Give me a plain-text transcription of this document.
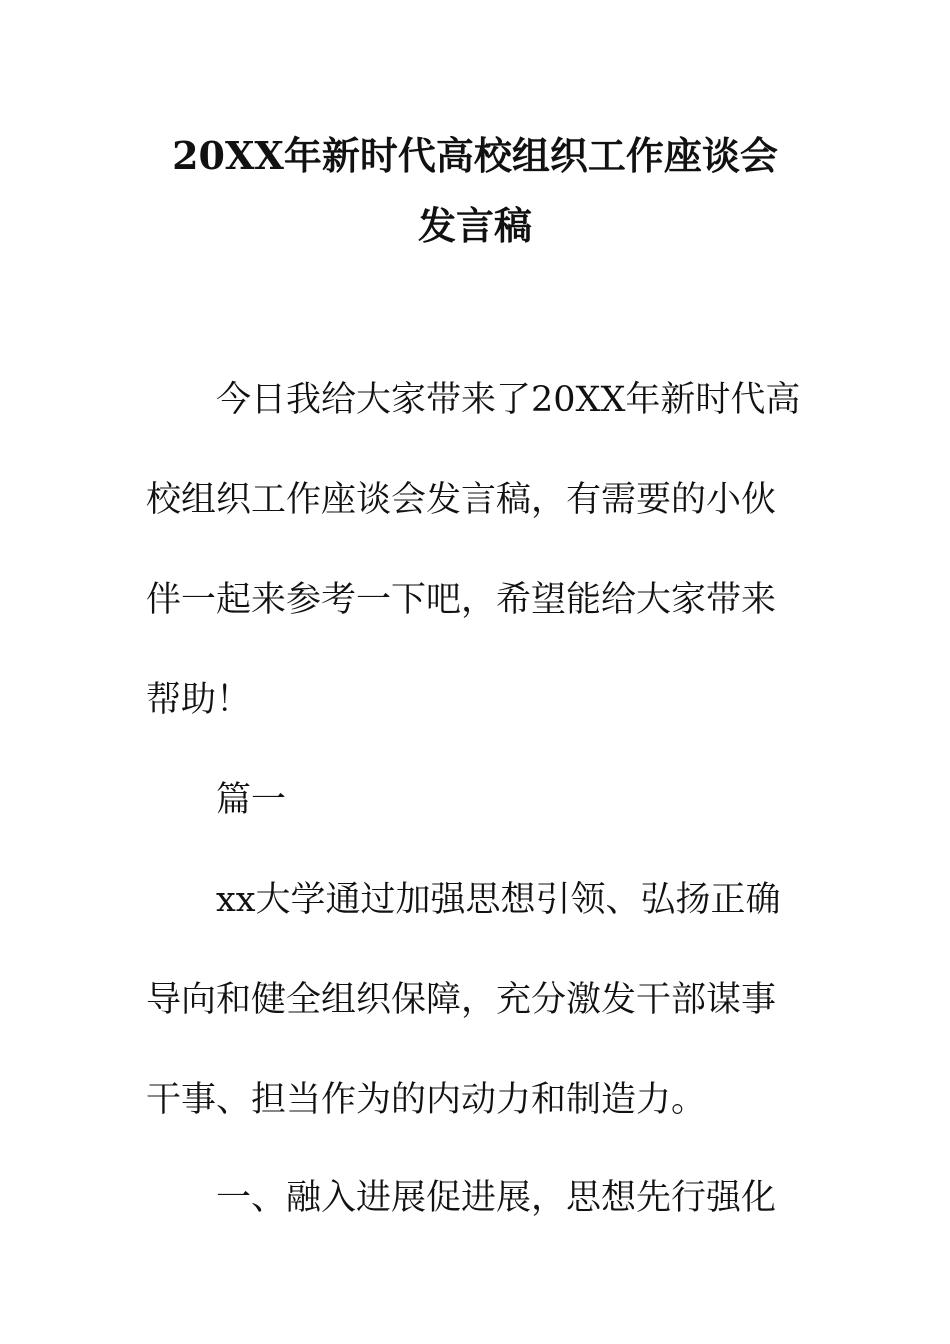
20XX年新时代高校组织工作座谈会
发言稿
今日我给大家带来了20XX年新时代高
校组织工作座谈会发言稿，有需要的小伙
伴一起来参考一下吧，希望能给大家带来
帮助！
篇一
xx大学通过加强思想引领、弘扬正确
导向和健全组织保障，充分激发干部谋事
干事、担当作为的内动力和制造力。
一、融入进展促进展，思想先行强化
